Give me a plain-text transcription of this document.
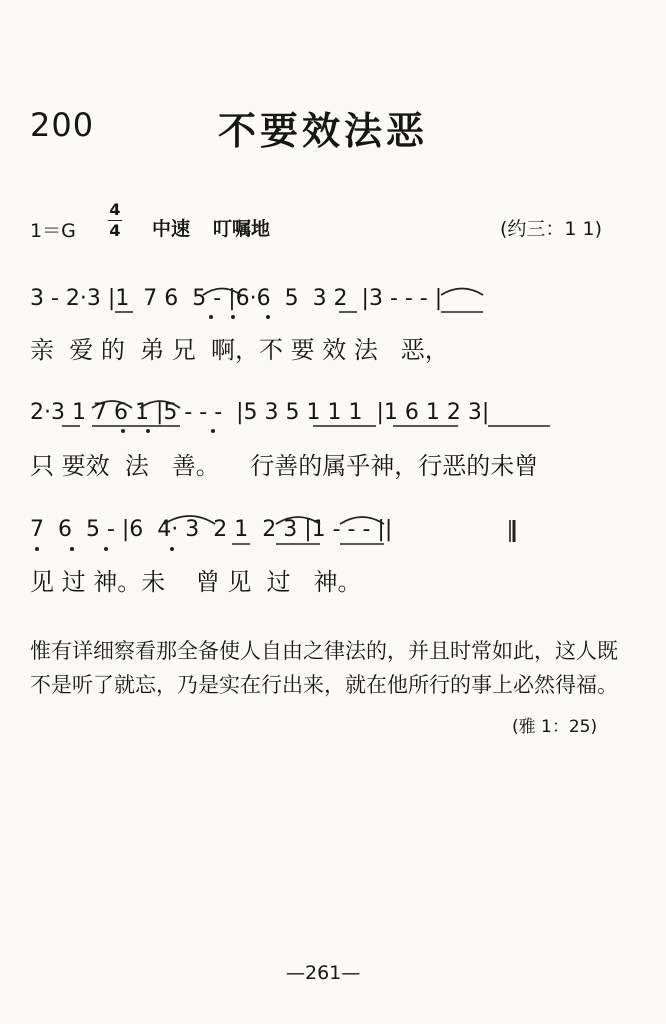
200	不要效法恶
1＝G
4
4 中速 叮嘱地	(约三：1 1)
3 - 2·3 |1  7 6  5 - |6·6  5  3 2  |3 - - - |
亲  爱 的  弟 兄  啊，不 要 效 法   恶，
2·3 1 7 6 1 |5 - - -  |5 3 5 1 1 1  |1 6 1 2 3|
只 要效  法   善。    行善的属乎神，行恶的未曾
7  6  5 - |6  4· 3  2 1  2 3 |1 - - - ||
见 过 神。未    曾 见  过   神。
惟有详细察看那全备使人自由之律法的，并且时常如此，这人既不是听了就忘，乃是实在行出来，就在他所行的事上必然得福。
(雅 1：25)
—261—
